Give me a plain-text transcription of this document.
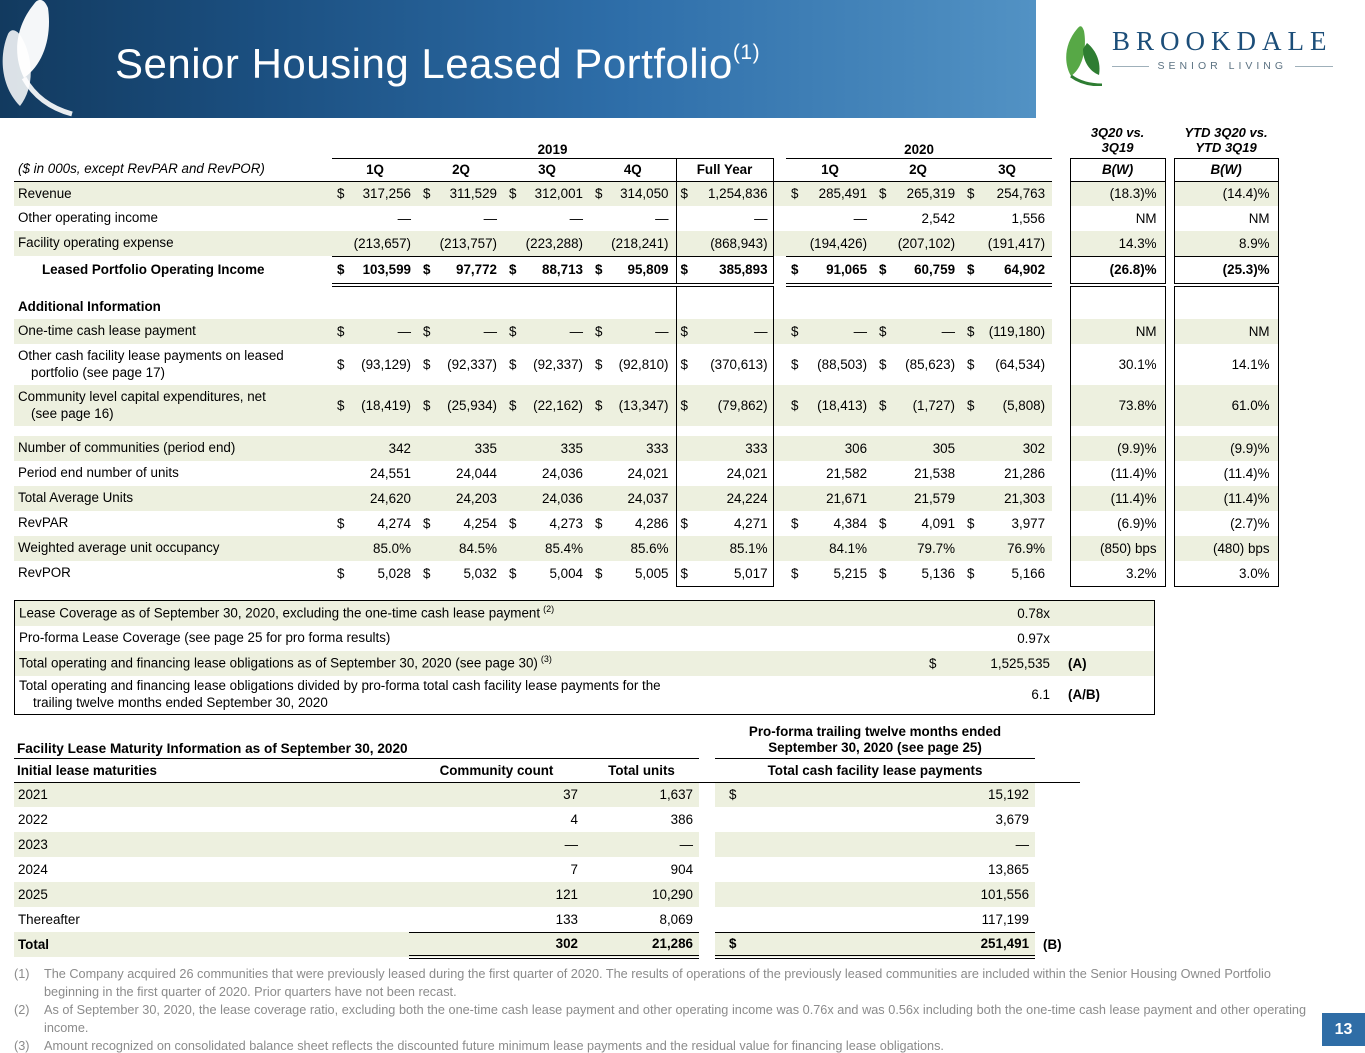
Senior Housing Leased Portfolio$^{(1)}$	BROOKDALE
SENIOR LIVING
	2019		2020		
3Q20 vs.
3Q19

YTD 3Q20 vs.
YTD 3Q19

($ in 000s, except RevPAR and RevPOR)	1Q	2Q	3Q	4Q	Full Year		1Q	2Q	3Q		B(W)		B(W)

Revenue	$ 317,256	$ 311,529	$ 312,001	$ 314,050	$ 1,254,836		$ 285,491	$ 265,319	$ 254,763		(18.3)%		(14.4)%

Other operating income	—	—	—	—	—		—	2,542	1,556		NM		NM

Facility operating expense	(213,657)	(213,757)	(223,288)	(218,241)	(868,943)		(194,426)	(207,102)	(191,417)		14.3%		8.9%

Leased Portfolio Operating Income	$ 103,599	$ 97,772	$ 88,713	$ 95,809	$ 385,893		$ 91,065	$ 60,759	$ 64,902		(26.8)%		(25.3)%

Additional Information													

One-time cash lease payment	$ —	$ —	$ —	$ —	$ —		$ —	$ —	$ (119,180)		NM		NM

Other cash facility lease payments on leased
portfolio (see page 17)	$ (93,129)	$ (92,337)	$ (92,337)	$ (92,810)	$ (370,613)		$ (88,503)	$ (85,623)	$ (64,534)		30.1%		14.1%

Community level capital expenditures, net
(see page 16)	$ (18,419)	$ (25,934)	$ (22,162)	$ (13,347)	$ (79,862)		$ (18,413)	$ (1,727)	$ (5,808)		73.8%		61.0%

Number of communities (period end)	342	335	335	333	333		306	305	302		(9.9)%		(9.9)%

Period end number of units	24,551	24,044	24,036	24,021	24,021		21,582	21,538	21,286		(11.4)%		(11.4)%

Total Average Units	24,620	24,203	24,036	24,037	24,224		21,671	21,579	21,303		(11.4)%		(11.4)%

RevPAR	$ 4,274	$ 4,254	$ 4,273	$ 4,286	$ 4,271		$ 4,384	$ 4,091	$ 3,977		(6.9)%		(2.7)%

Weighted average unit occupancy	85.0%	84.5%	85.4%	85.6%	85.1%		84.1%	79.7%	76.9%		(850) bps		(480) bps

RevPOR	$ 5,028	$ 5,032	$ 5,004	$ 5,005	$ 5,017		$ 5,215	$ 5,136	$ 5,166		3.2%		3.0%
Lease Coverage as of September 30, 2020, excluding the one-time cash lease payment $^{(2)}$	0.78x
Pro-forma Lease Coverage (see page 25 for pro forma results)	0.97x
Total operating and financing lease obligations as of September 30, 2020 (see page 30) $^{(3)}$	$	1,525,535	(A)
Total operating and financing lease obligations divided by pro-forma total cash facility lease payments for the
trailing twelve months ended September 30, 2020	6.1	(A/B)
Facility Lease Maturity Information as of September 30, 2020				Pro-forma trailing twelve months ended
September 30, 2020 (see page 25)	

Initial lease maturities	Community count	Total units		Total cash facility lease payments	
2021	37	1,637		$ 15,192	

2022	4	386		3,679	

2023	—	—		—	

2024	7	904		13,865	

2025	121	10,290		101,556	

Thereafter	133	8,069		117,199	

Total	302	21,286		$ 251,491	(B)
(1)	The Company acquired 26 communities that were previously leased during the first quarter of 2020. The results of operations of the previously leased communities are included within the Senior Housing Owned Portfolio beginning in the first quarter of 2020. Prior quarters have not been recast.
(2)	As of September 30, 2020, the lease coverage ratio, excluding both the one-time cash lease payment and other operating income was 0.76x and was 0.56x including both the one-time cash lease payment and other operating income.
(3)	Amount recognized on consolidated balance sheet reflects the discounted future minimum lease payments and the residual value for financing lease obligations.
13
